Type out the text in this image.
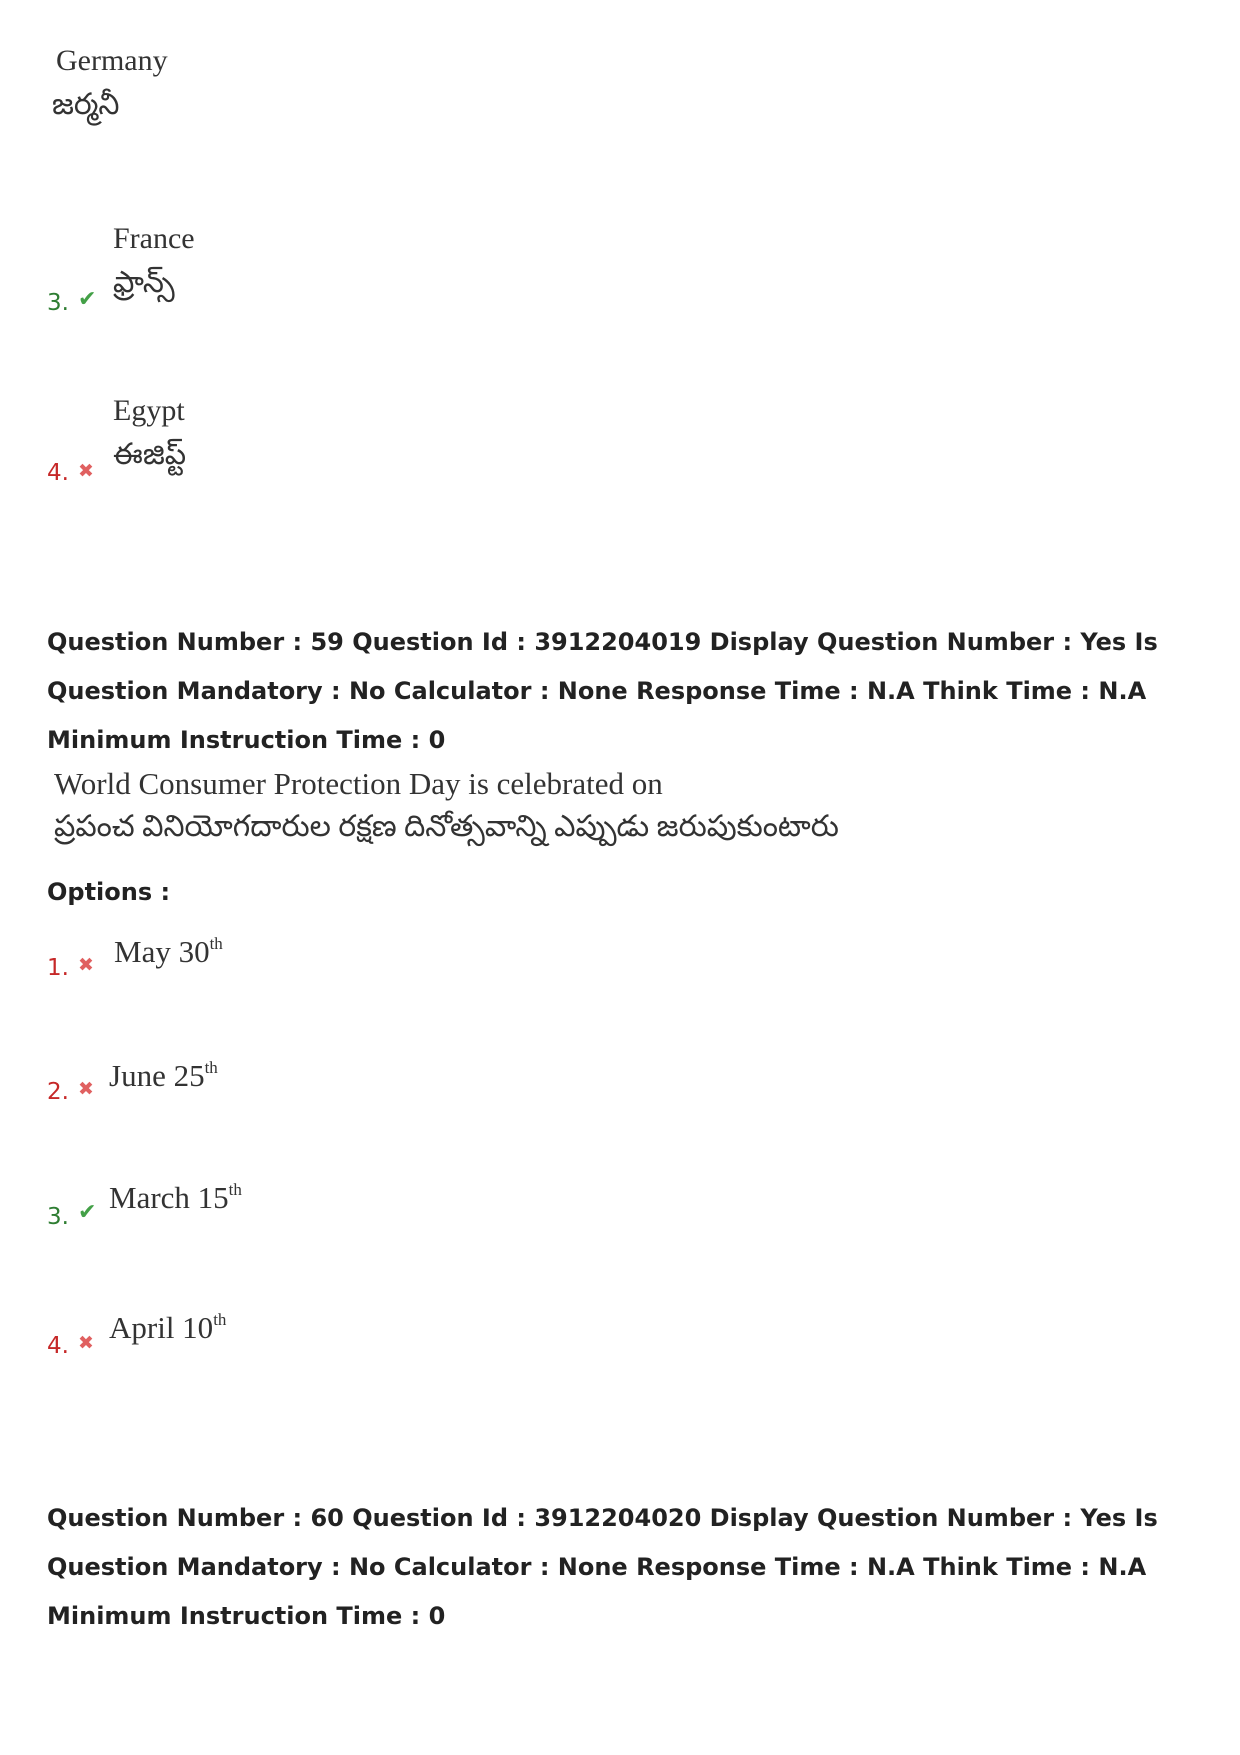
Germany
జర్మనీ
3. ✔
France
ఫ్రాన్స్
4. ✖
Egypt
ఈజిప్ట్
Question Number : 59 Question Id : 3912204019 Display Question Number : Yes Is Question Mandatory : No Calculator : None Response Time : N.A Think Time : N.A Minimum Instruction Time : 0
World Consumer Protection Day is celebrated on
ప్రపంచ వినియోగదారుల రక్షణ దినోత్సవాన్ని ఎప్పుడు జరుపుకుంటారు
Options :
1. ✖ May 30th
2. ✖ June 25th
3. ✔ March 15th
4. ✖ April 10th
Question Number : 60 Question Id : 3912204020 Display Question Number : Yes Is Question Mandatory : No Calculator : None Response Time : N.A Think Time : N.A Minimum Instruction Time : 0
